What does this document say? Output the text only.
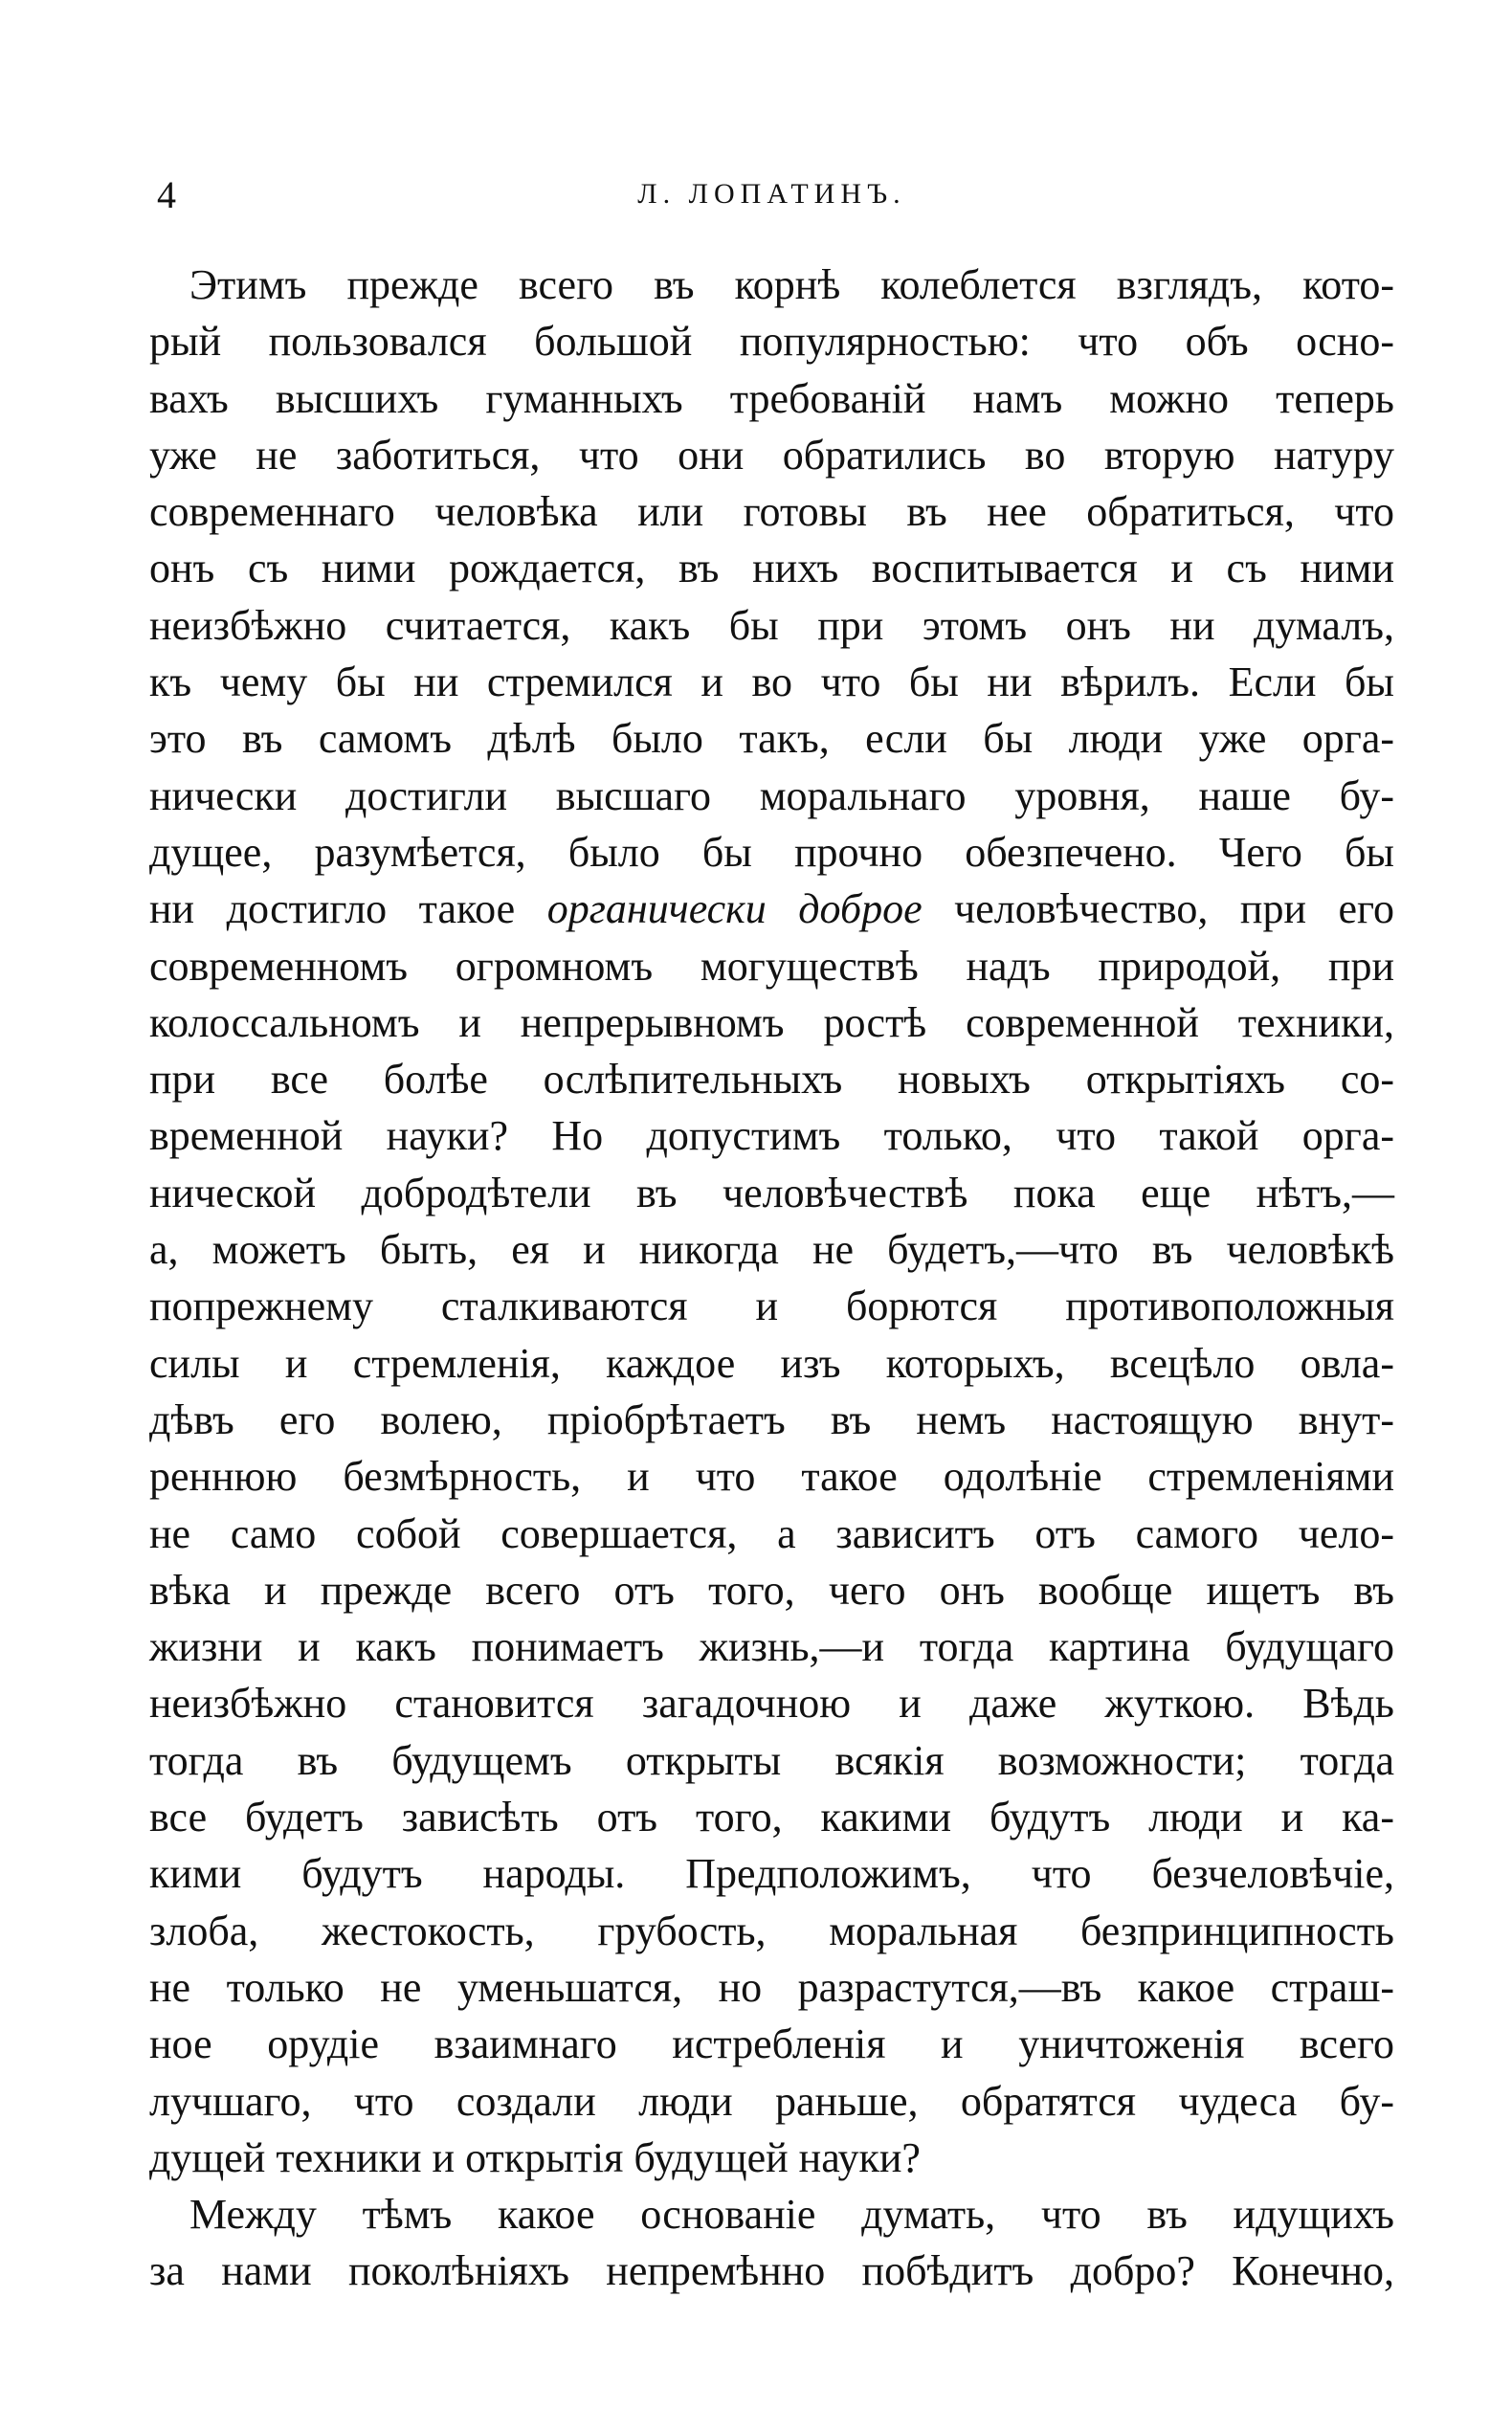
4	Л. ЛОПАТИНЪ.
Этимъ прежде всего въ корнѣ колеблется взглядъ, кото-
рый пользовался большой популярностью: что объ осно-
вахъ высшихъ гуманныхъ требованій намъ можно теперь
уже не заботиться, что они обратились во вторую натуру
современнаго человѣка или готовы въ нее обратиться, что
онъ съ ними рождается, въ нихъ воспитывается и съ ними
неизбѣжно считается, какъ бы при этомъ онъ ни думалъ,
къ чему бы ни стремился и во что бы ни вѣрилъ. Если бы
это въ самомъ дѣлѣ было такъ, если бы люди уже орга-
нически достигли высшаго моральнаго уровня, наше бу-
дущее, разумѣется, было бы прочно обезпечено. Чего бы
ни достигло такое органически доброе человѣчество, при его
современномъ огромномъ могуществѣ надъ природой, при
колоссальномъ и непрерывномъ ростѣ современной техники,
при все болѣе ослѣпительныхъ новыхъ открытіяхъ со-
временной науки? Но допустимъ только, что такой орга-
нической добродѣтели въ человѣчествѣ пока еще нѣтъ,—
а, можетъ быть, ея и никогда не будетъ,—что въ человѣкѣ
попрежнему сталкиваются и борются противоположныя
силы и стремленія, каждое изъ которыхъ, всецѣло овла-
дѣвъ его волею, пріобрѣтаетъ въ немъ настоящую внут-
реннюю безмѣрность, и что такое одолѣніе стремленіями
не само собой совершается, а зависитъ отъ самого чело-
вѣка и прежде всего отъ того, чего онъ вообще ищетъ въ
жизни и какъ понимаетъ жизнь,—и тогда картина будущаго
неизбѣжно становится загадочною и даже жуткою. Вѣдь
тогда въ будущемъ открыты всякія возможности; тогда
все будетъ зависѣть отъ того, какими будутъ люди и ка-
кими будутъ народы. Предположимъ, что безчеловѣчіе,
злоба, жестокость, грубость, моральная безпринципность
не только не уменьшатся, но разрастутся,—въ какое страш-
ное орудіе взаимнаго истребленія и уничтоженія всего
лучшаго, что создали люди раньше, обратятся чудеса бу-
дущей техники и открытія будущей науки?
Между тѣмъ какое основаніе думать, что въ идущихъ
за нами поколѣніяхъ непремѣнно побѣдитъ добро? Конечно,
